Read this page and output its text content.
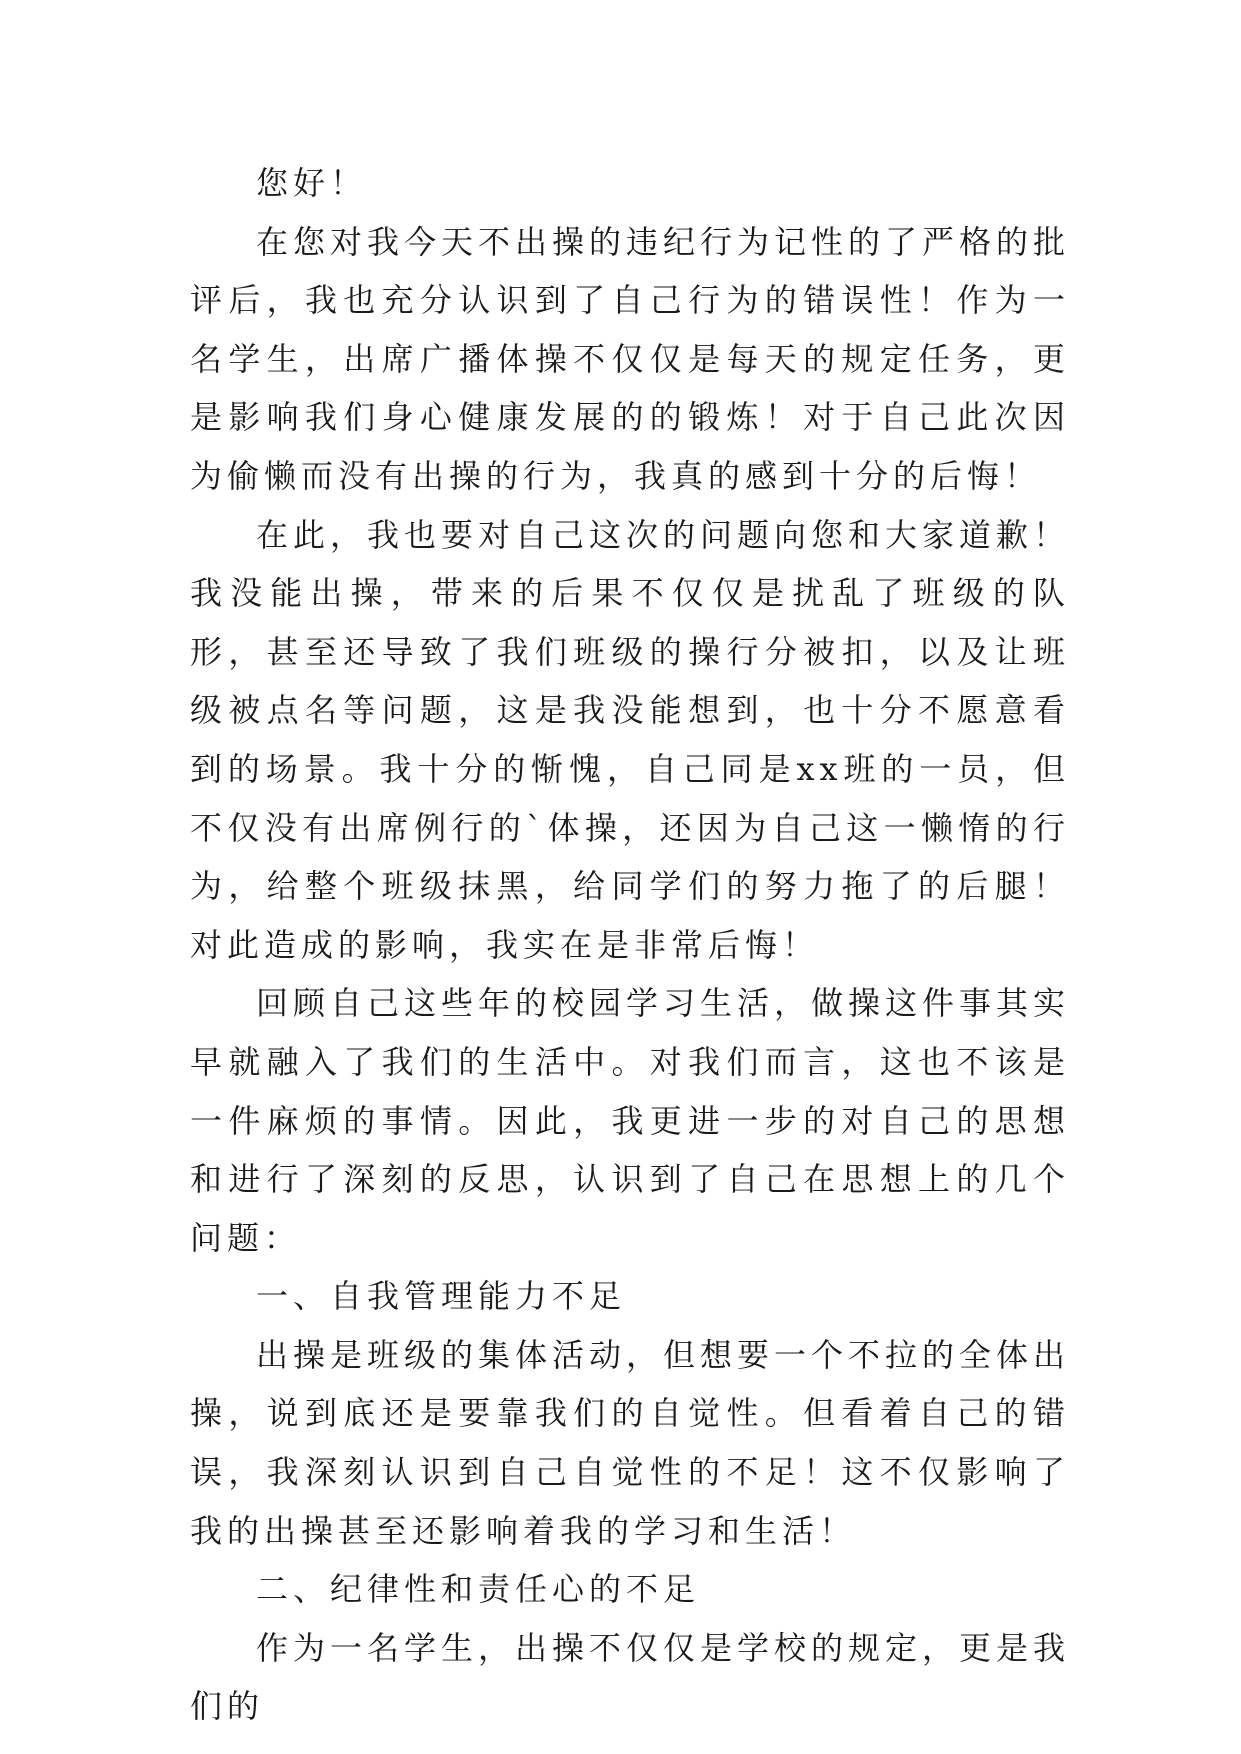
您好！

在您对我今天不出操的违纪行为记性的了严格的批评后，我也充分认识到了自己行为的错误性！作为一名学生，出席广播体操不仅仅是每天的规定任务，更是影响我们身心健康发展的的锻炼！对于自己此次因为偷懒而没有出操的行为，我真的感到十分的后悔！

在此，我也要对自己这次的问题向您和大家道歉！我没能出操，带来的后果不仅仅是扰乱了班级的队形，甚至还导致了我们班级的操行分被扣，以及让班级被点名等问题，这是我没能想到，也十分不愿意看到的场景。我十分的惭愧，自己同是xx班的一员，但不仅没有出席例行的`体操，还因为自己这一懒惰的行为，给整个班级抹黑，给同学们的努力拖了的后腿！对此造成的影响，我实在是非常后悔！

回顾自己这些年的校园学习生活，做操这件事其实早就融入了我们的生活中。对我们而言，这也不该是一件麻烦的事情。因此，我更进一步的对自己的思想和进行了深刻的反思，认识到了自己在思想上的几个问题：

一、自我管理能力不足

出操是班级的集体活动，但想要一个不拉的全体出操，说到底还是要靠我们的自觉性。但看着自己的错误，我深刻认识到自己自觉性的不足！这不仅影响了我的出操甚至还影响着我的学习和生活！

二、纪律性和责任心的不足

作为一名学生，出操不仅仅是学校的规定，更是我们的
